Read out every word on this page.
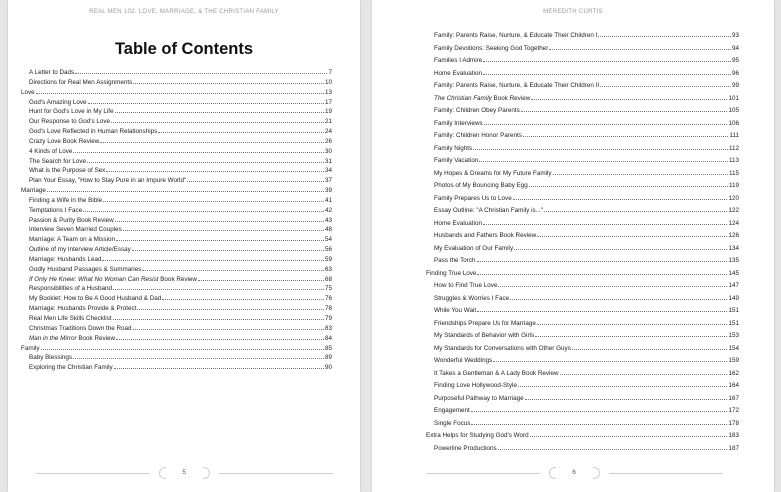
REAL MEN 102: LOVE, MARRIAGE, & THE CHRISTIAN FAMILY
Table of Contents
A Letter to Dads	7
Directions for Real Men Assignments	10
Love	13
God's Amazing Love	17
Hunt for God's Love in My Life	19
Our Response to God's Love	21
God's Love Reflected in Human Relationships	24
Crazy Love Book Review	26
4 Kinds of Love	30
The Search for Love	31
What is the Purpose of Sex	34
Plan Your Essay, "How to Stay Pure in an Impure World"	37
Marriage	39
Finding a Wife in the Bible	41
Temptations I Face	42
Passion & Purity Book Review	43
Interview Seven Married Couples	48
Marriage: A Team on a Mission	54
Outline of my Interview Article/Essay	56
Marriage: Husbands Lead	59
Godly Husband Passages & Summaries	63
If Only He Knew: What No Woman Can Resist Book Review	68
Responsibilities of a Husband	75
My Booklet: How to Be A Good Husband & Dad	76
Marriage: Husbands Provide & Protect	78
Real Men Life Skills Checklist	79
Christmas Traditions Down the Road	83
Man in the Mirror Book Review	84
Family	85
Baby Blessings	89
Exploring the Christian Family	90
5
MEREDITH CURTIS
Family: Parents Raise, Nurture, & Educate Their Children I	93
Family Devotions: Seeking God Together	94
Families I Admire	95
Home Evaluation	96
Family: Parents Raise, Nurture, & Educate Their Children II	99
The Christian Family Book Review	101
Family: Children Obey Parents	105
Family Interviews	106
Family: Children Honor Parents	111
Family Nights	112
Family Vacation	113
My Hopes & Dreams for My Future Family	115
Photos of My Bouncing Baby Egg	119
Family Prepares Us to Love	120
Essay Outline: "A Christian Family is..."	122
Home Evaluation	124
Husbands and Fathers Book Review	126
My Evaluation of Our Family	134
Pass the Torch	135
Finding True Love	145
How to Find True Love	147
Struggles & Worries I Face	149
While You Wait	151
Friendships Prepare Us for Marriage	151
My Standards of Behavior with Girls	153
My Standards for Conversations with Other Guys	154
Wonderful Weddings	159
It Takes a Gentleman & A Lady Book Review	162
Finding Love Hollywood-Style	164
Purposeful Pathway to Marriage	167
Engagement	172
Single Focus	178
Extra Helps for Studying God's Word	183
Powerline Productions	187
6
